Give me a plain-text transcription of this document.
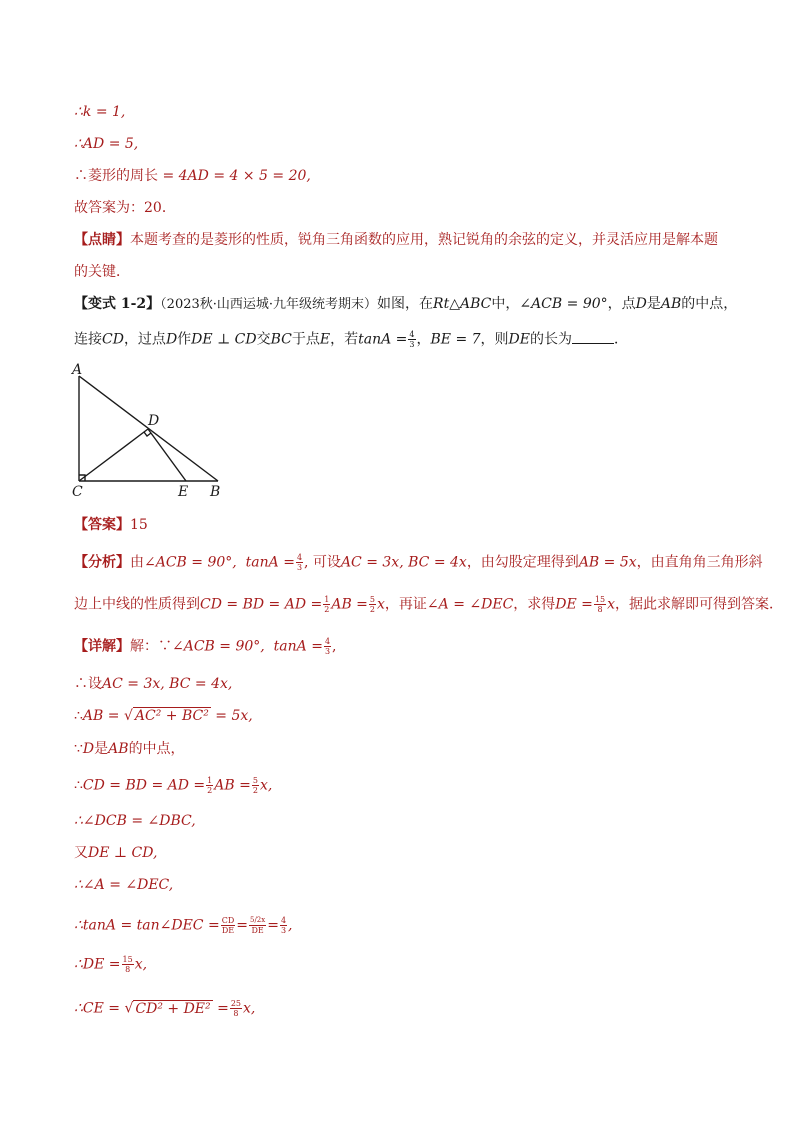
∴k = 1,
∴AD = 5,
∴菱形的周长 = 4AD = 4 × 5 = 20,
故答案为：20．
【点睛】本题考查的是菱形的性质，锐角三角函数的应用，熟记锐角的余弦的定义，并灵活应用是解本题
的关键．
【变式 1-2】（2023秋·山西运城·九年级统考期末）如图，在Rt△ABC中，∠ACB = 90°，点D是AB的中点，
连接CD，过点D作DE ⊥ CD交BC于点E，若$\tan A = \frac{4}{3}$ ，BE = 7，则DE的长为	．
A
D
C	E B
【答案】15
【分析】由∠ACB = 90°, $\tan A = \frac{4}{3}$ , 可设AC = 3x, BC = 4x，由勾股定理得到AB = 5x，由直角角三角形斜
边上中线的性质得到CD = BD = AD = $\frac{1}{2}$ AB = $\frac{5}{2}$ x，再证∠A = ∠DEC，求得DE = $\frac{15}{8}$ x，据此求解即可得到答案．
【详解】解：∵∠ACB = 90°, $\tan A = \frac{4}{3}$ ,
∴设AC = 3x, BC = 4x,
∴AB = √ AC² + BC² = 5x,
∵D是AB的中点，
∴CD = BD = AD = $\frac{1}{2}$ AB = $\frac{5}{2} x$,
∴∠DCB = ∠DBC,
又DE ⊥ CD,
∴∠A = ∠DEC,
∴tanA = tan∠DEC = $\frac{CD}{DE} = \frac{5/2x}{DE} = \frac{4}{3}$ ,
∴DE = $\frac{15}{8} x$,
∴CE = √ $CD^2 + DE^2 = \frac{25}{8} x$,
